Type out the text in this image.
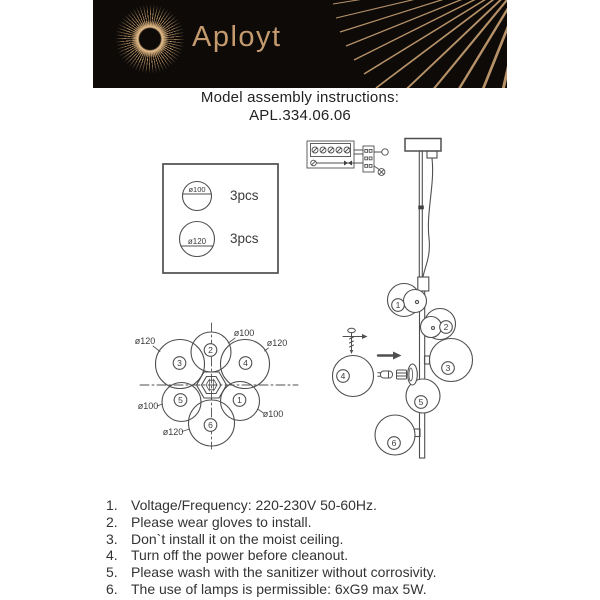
Aployt
Model assembly instructions:
APL.334.06.06
ø100 3pcs
ø120 3pcs
1
2
3
4
5
6
ø120
ø100
ø120
ø100
ø100
ø120
2
3	4
5	1
6
1. Voltage/Frequency: 220-230V 50-60Hz.
2. Please wear gloves to install.
3. Don`t install it on the moist ceiling.
4. Turn off the power before cleanout.
5. Please wash with the sanitizer without corrosivity.
6. The use of lamps is permissible: 6xG9 max 5W.
